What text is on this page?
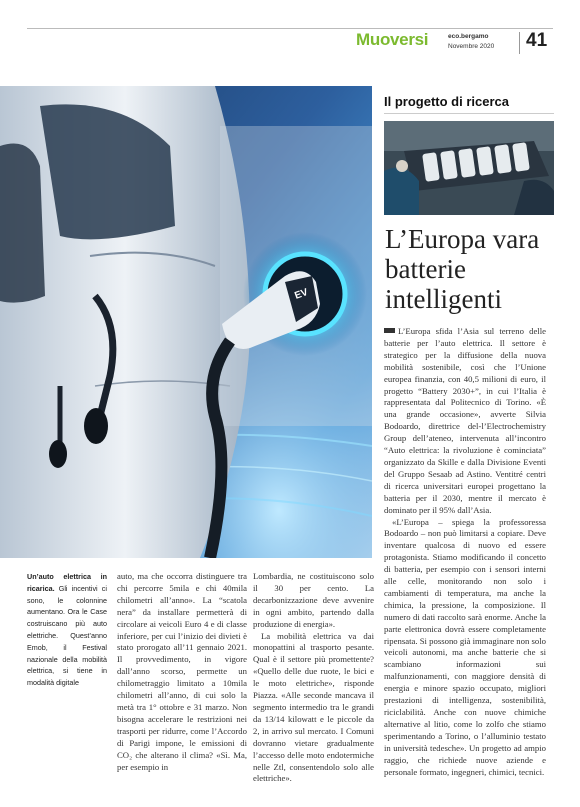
Muoversi	eco.bergamo
Novembre 2020 41
EV
Il progetto di ricerca
L’Europa vara batterie intelligenti

L’Europa sfida l’Asia sul terreno delle batterie per l’auto elettrica. Il settore è strategico per la diffusione della nuova mobilità sostenibile, così che l’Unione europea finanzia, con 40,5 milioni di euro, il progetto “Battery 2030+”, in cui l’Italia è rappresentata dal Politecnico di Torino. «È una grande occasione», avverte Silvia Bodoardo, direttrice del-l’Electrochemistry Group dell’ateneo, intervenuta all’incontro “Auto elettrica: la rivoluzione è cominciata” organizzato da Skille e dalla Divisione Eventi del Gruppo Sesaab ad Astino. Ventitré centri di ricerca universitari europei progettano la batteria per il 2030, mentre il mercato è dominato per il 95% dall’Asia.

«L’Europa – spiega la professoressa Bodoardo – non può limitarsi a copiare. Deve inventare qualcosa di nuovo ed essere protagonista. Stiamo modificando il concetto di batteria, per esempio con i sensori interni alle celle, monitorando non solo i cambiamenti di temperatura, ma anche la chimica, la pressione, la composizione. Il numero di dati raccolto sarà enorme. Anche la parte elettronica dovrà essere completamente ripensata. Si possono già immaginare non solo veicoli autonomi, ma anche batterie che si scambiano informazioni sui malfunzionamenti, con maggiore densità di energia e minore spazio occupato, migliori prestazioni di intelligenza, sostenibilità, riciclabilità. Anche con nuove chimiche alternative al litio, come lo zolfo che stiamo sperimentando a Torino, o l’alluminio testato in università tedesche». Un progetto ad ampio raggio, che richiede nuove aziende e personale formato, ingegneri, chimici, tecnici.

Un’auto elettrica in ricarica. Gli incentivi ci sono, le colonnine aumentano. Ora le Case costruiscano più auto elettriche. Quest’anno Emob, il Festival nazionale della mobilità elettrica, si tiene in modalità digitale

auto, ma che occorra distinguere tra chi percorre 5mila e chi 40mila chilometri all’anno». La “scatola nera” da installare permetterà di circolare ai veicoli Euro 4 e di classe inferiore, per cui l’inizio dei divieti è stato prorogato all’11 gennaio 2021. Il provvedimento, in vigore dall’anno scorso, permette un chilometraggio limitato a 10mila chilometri all’anno, di cui solo la metà tra 1° ottobre e 31 marzo. Non bisogna accelerare le restrizioni nei trasporti per ridurre, come l’Accordo di Parigi impone, le emissioni di CO₂ che alterano il clima? «Sì. Ma, per esempio in

Lombardia, ne costituiscono solo il 30 per cento. La decarbonizzazione deve avvenire in ogni ambito, partendo dalla produzione di energia».

La mobilità elettrica va dai monopattini al trasporto pesante. Qual è il settore più promettente? «Quello delle due ruote, le bici e le moto elettriche», risponde Piazza. «Alle seconde mancava il segmento intermedio tra le grandi da 13/14 kilowatt e le piccole da 2, in arrivo sul mercato. I Comuni dovranno vietare gradualmente l’accesso delle moto endotermiche nelle Ztl, consentendolo solo alle elettriche».
